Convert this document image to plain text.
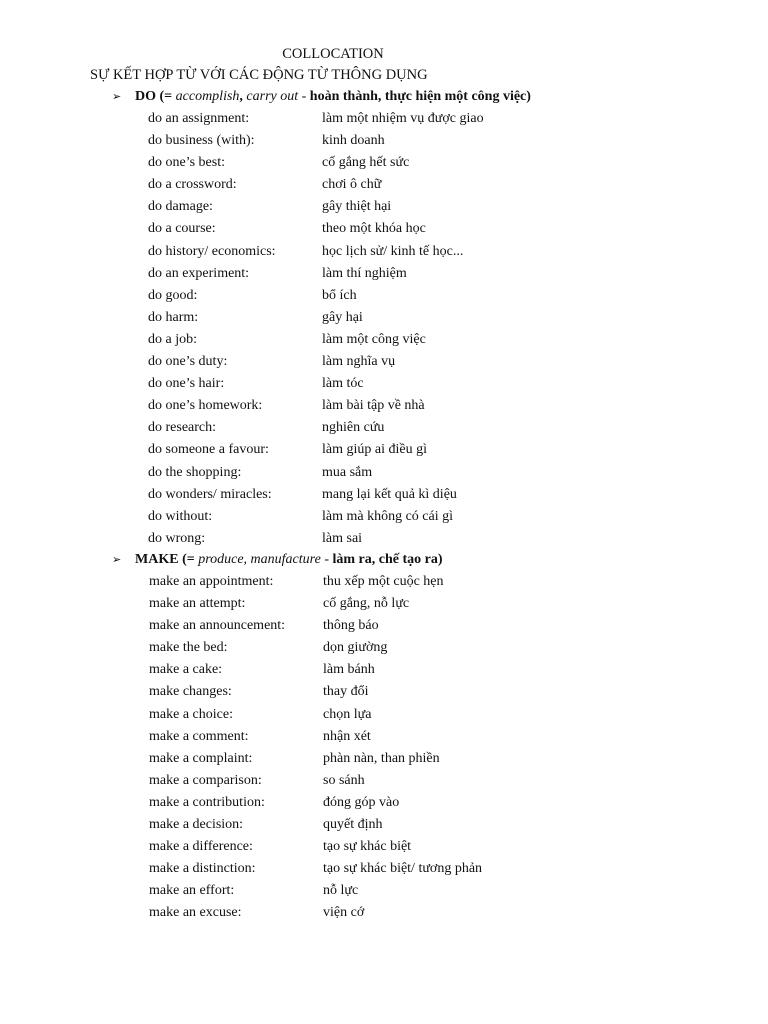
COLLOCATION
SỰ KẾT HỢP TỪ VỚI CÁC ĐỘNG TỪ THÔNG DỤNG
➢ DO (= accomplish, carry out - hoàn thành, thực hiện một công việc)
do an assignment:	làm một nhiệm vụ được giao
do business (with):	kinh doanh
do one’s best:	cố gắng hết sức
do a crossword:	chơi ô chữ
do damage:	gây thiệt hại
do a course:	theo một khóa học
do history/ economics:	học lịch sử/ kinh tế học...
do an experiment:	làm thí nghiệm
do good:	bổ ích
do harm:	gây hại
do a job:	làm một công việc
do one’s duty:	làm nghĩa vụ
do one’s hair:	làm tóc
do one’s homework:	làm bài tập về nhà
do research:	nghiên cứu
do someone a favour:	làm giúp ai điều gì
do the shopping:	mua sắm
do wonders/ miracles:	mang lại kết quả kì diệu
do without:	làm mà không có cái gì
do wrong:	làm sai
➢ MAKE (= produce, manufacture - làm ra, chế tạo ra)
make an appointment:	thu xếp một cuộc hẹn
make an attempt:	cố gắng, nỗ lực
make an announcement:	thông báo
make the bed:	dọn giường
make a cake:	làm bánh
make changes:	thay đổi
make a choice:	chọn lựa
make a comment:	nhận xét
make a complaint:	phàn nàn, than phiền
make a comparison:	so sánh
make a contribution:	đóng góp vào
make a decision:	quyết định
make a difference:	tạo sự khác biệt
make a distinction:	tạo sự khác biệt/ tương phản
make an effort:	nỗ lực
make an excuse:	viện cớ
